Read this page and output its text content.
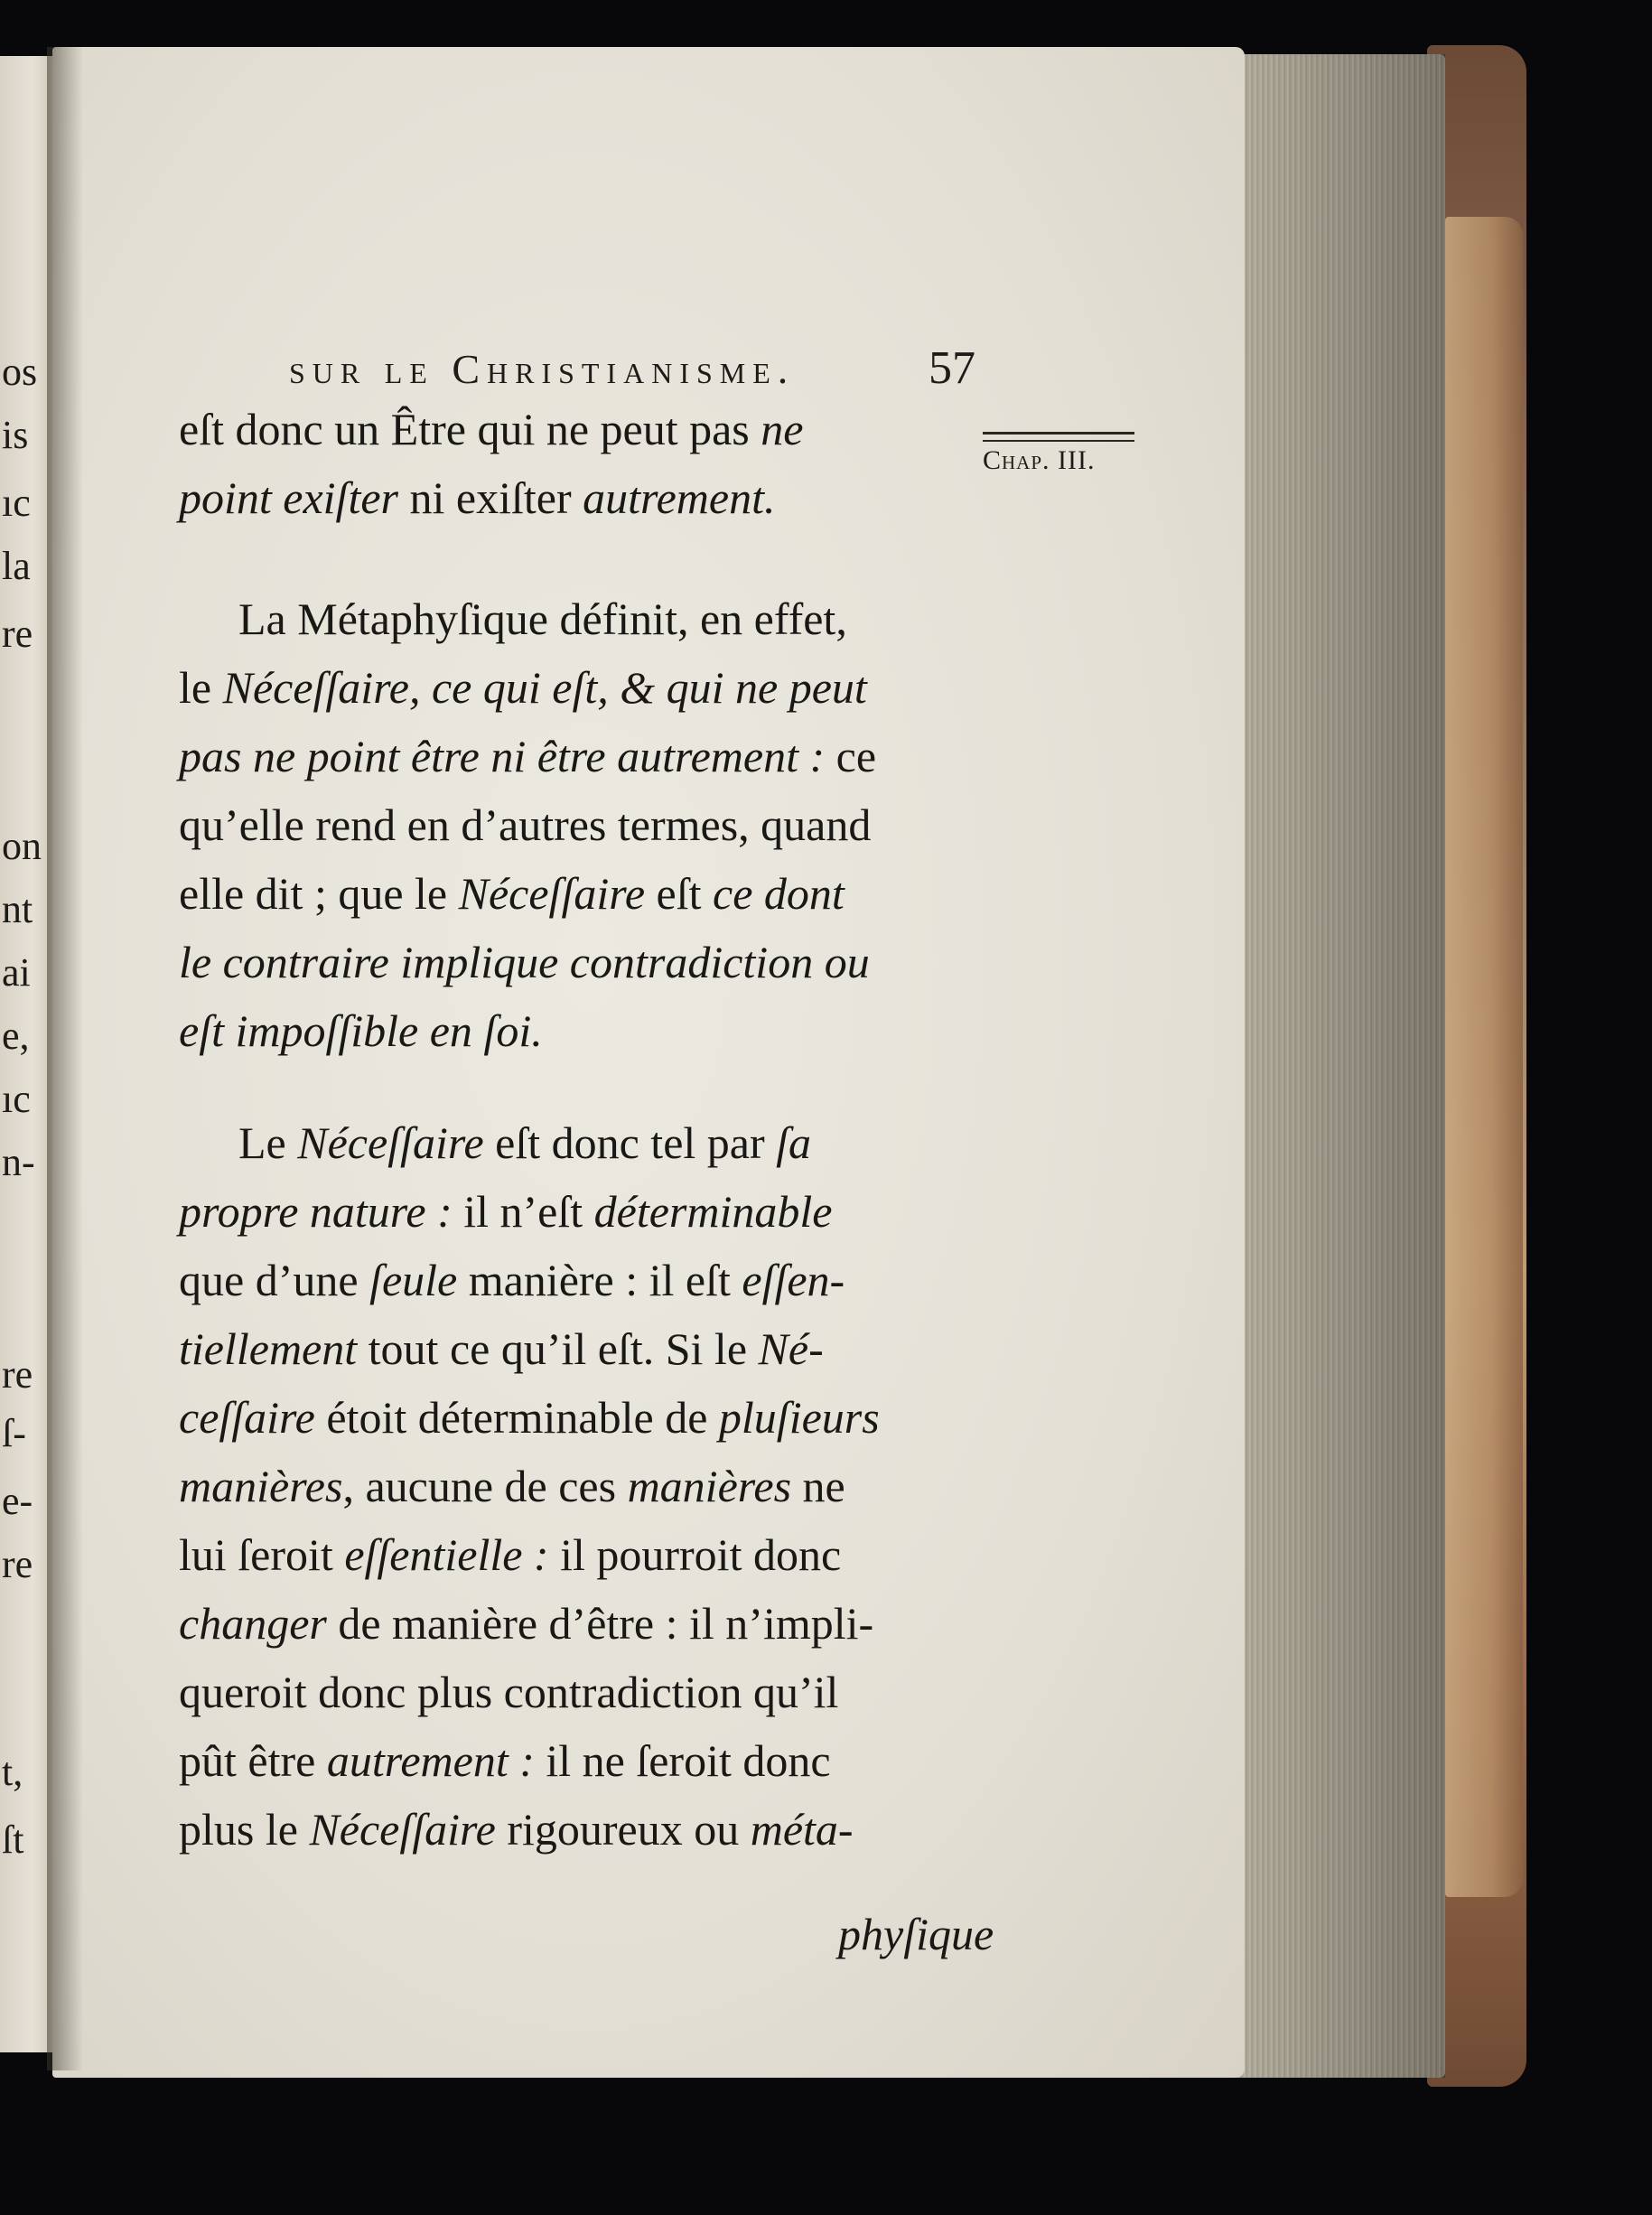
os
is
ıc
la
re
on
nt
ai
e,
ıc
n-
re
ſ-
e-
re
t,
ſt
sur le Christianisme.	57
Chap. III.
eſt donc un Être qui ne peut pas ne
point exiſter ni exiſter autrement.
La Métaphyſique définit, en effet,
le Néceſſaire, ce qui eſt, & qui ne peut
pas ne point être ni être autrement : ce
qu’elle rend en d’autres termes, quand
elle dit ; que le Néceſſaire eſt ce dont
le contraire implique contradiction ou
eſt impoſſible en ſoi.
Le Néceſſaire eſt donc tel par ſa
propre nature : il n’eſt déterminable
que d’une ſeule manière : il eſt eſſen-
tiellement tout ce qu’il eſt. Si le Né-
ceſſaire étoit déterminable de pluſieurs
manières, aucune de ces manières ne
lui ſeroit eſſentielle : il pourroit donc
changer de manière d’être : il n’impli-
queroit donc plus contradiction qu’il
pût être autrement : il ne ſeroit donc
plus le Néceſſaire rigoureux ou méta-
phyſique
